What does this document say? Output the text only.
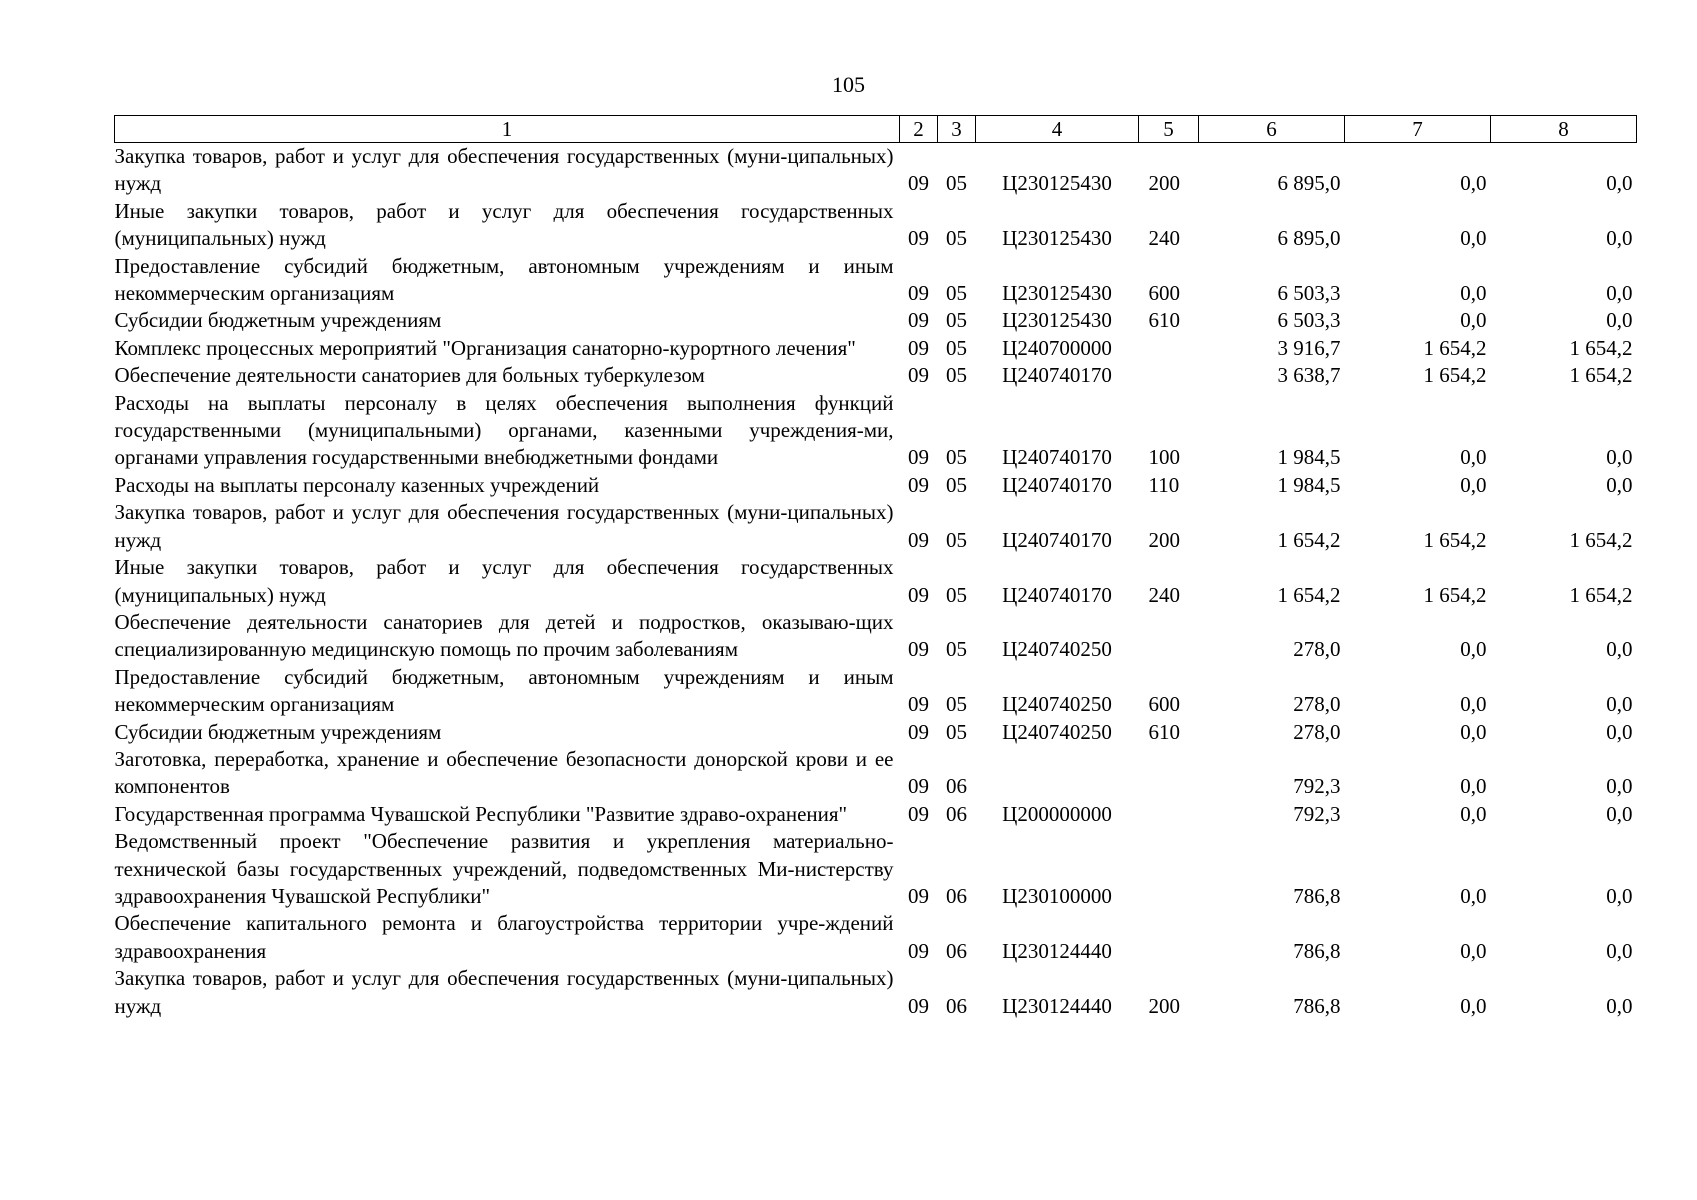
105
1	2	3	4	5	6	7	8
Закупка товаров, работ и услуг для обеспечения государственных (муни-ципальных) нужд	09	05	Ц230125430	200	6 895,0	0,0	0,0
Иные закупки товаров, работ и услуг для обеспечения государственных (муниципальных) нужд	09	05	Ц230125430	240	6 895,0	0,0	0,0
Предоставление субсидий бюджетным, автономным учреждениям и иным некоммерческим организациям	09	05	Ц230125430	600	6 503,3	0,0	0,0
Субсидии бюджетным учреждениям	09	05	Ц230125430	610	6 503,3	0,0	0,0
Комплекс процессных мероприятий "Организация санаторно-курортного лечения"	09	05	Ц240700000		3 916,7	1 654,2	1 654,2
Обеспечение деятельности санаториев для больных туберкулезом	09	05	Ц240740170		3 638,7	1 654,2	1 654,2
Расходы на выплаты персоналу в целях обеспечения выполнения функций государственными (муниципальными) органами, казенными учреждения-ми, органами управления государственными внебюджетными фондами	09	05	Ц240740170	100	1 984,5	0,0	0,0
Расходы на выплаты персоналу казенных учреждений	09	05	Ц240740170	110	1 984,5	0,0	0,0
Закупка товаров, работ и услуг для обеспечения государственных (муни-ципальных) нужд	09	05	Ц240740170	200	1 654,2	1 654,2	1 654,2
Иные закупки товаров, работ и услуг для обеспечения государственных (муниципальных) нужд	09	05	Ц240740170	240	1 654,2	1 654,2	1 654,2
Обеспечение деятельности санаториев для детей и подростков, оказываю-щих специализированную медицинскую помощь по прочим заболеваниям	09	05	Ц240740250		278,0	0,0	0,0
Предоставление субсидий бюджетным, автономным учреждениям и иным некоммерческим организациям	09	05	Ц240740250	600	278,0	0,0	0,0
Субсидии бюджетным учреждениям	09	05	Ц240740250	610	278,0	0,0	0,0
Заготовка, переработка, хранение и обеспечение безопасности донорской крови и ее компонентов	09	06			792,3	0,0	0,0
Государственная программа Чувашской Республики "Развитие здраво-охранения"	09	06	Ц200000000		792,3	0,0	0,0
Ведомственный проект "Обеспечение развития и укрепления материально-технической базы государственных учреждений, подведомственных Ми-нистерству здравоохранения Чувашской Республики"	09	06	Ц230100000		786,8	0,0	0,0
Обеспечение капитального ремонта и благоустройства территории учре-ждений здравоохранения	09	06	Ц230124440		786,8	0,0	0,0
Закупка товаров, работ и услуг для обеспечения государственных (муни-ципальных) нужд	09	06	Ц230124440	200	786,8	0,0	0,0
